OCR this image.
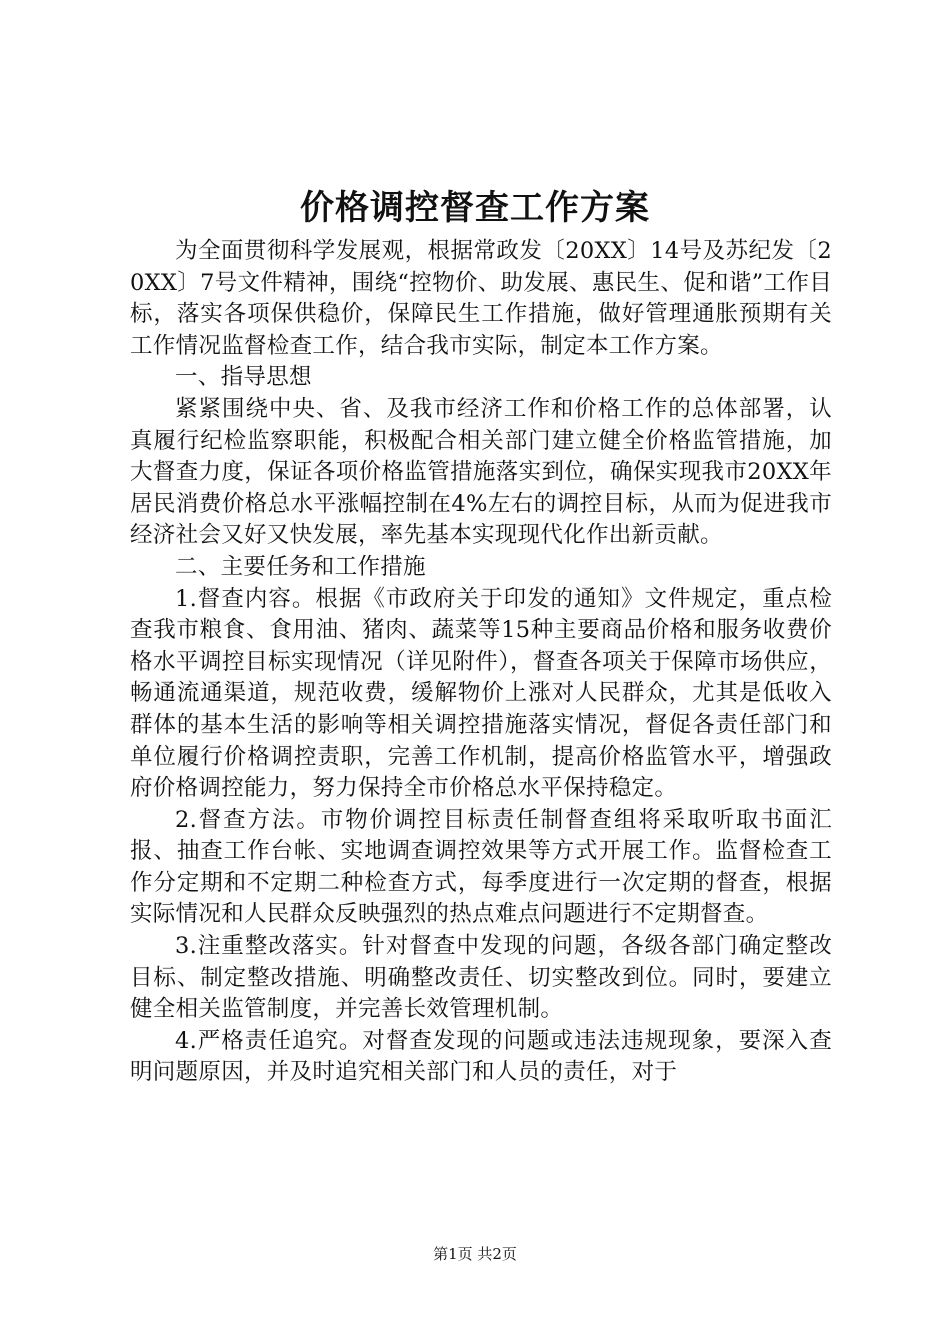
价格调控督查工作方案

为全面贯彻科学发展观，根据常政发〔20XX〕14号及苏纪发〔20XX〕7号文件精神，围绕“控物价、助发展、惠民生、促和谐”工作目标，落实各项保供稳价，保障民生工作措施，做好管理通胀预期有关工作情况监督检查工作，结合我市实际，制定本工作方案。

一、指导思想

紧紧围绕中央、省、及我市经济工作和价格工作的总体部署，认真履行纪检监察职能，积极配合相关部门建立健全价格监管措施，加大督查力度，保证各项价格监管措施落实到位，确保实现我市20XX年居民消费价格总水平涨幅控制在4%左右的调控目标，从而为促进我市经济社会又好又快发展，率先基本实现现代化作出新贡献。

二、主要任务和工作措施

1.督查内容。根据《市政府关于印发的通知》文件规定，重点检查我市粮食、食用油、猪肉、蔬菜等15种主要商品价格和服务收费价格水平调控目标实现情况（详见附件），督查各项关于保障市场供应，畅通流通渠道，规范收费，缓解物价上涨对人民群众，尤其是低收入群体的基本生活的影响等相关调控措施落实情况，督促各责任部门和单位履行价格调控责职，完善工作机制，提高价格监管水平，增强政府价格调控能力，努力保持全市价格总水平保持稳定。

2.督查方法。市物价调控目标责任制督查组将采取听取书面汇报、抽查工作台帐、实地调查调控效果等方式开展工作。监督检查工作分定期和不定期二种检查方式，每季度进行一次定期的督查，根据实际情况和人民群众反映强烈的热点难点问题进行不定期督查。

3.注重整改落实。针对督查中发现的问题，各级各部门确定整改目标、制定整改措施、明确整改责任、切实整改到位。同时，要建立健全相关监管制度，并完善长效管理机制。

4.严格责任追究。对督查发现的问题或违法违规现象，要深入查明问题原因，并及时追究相关部门和人员的责任，对于

第1页 共2页
